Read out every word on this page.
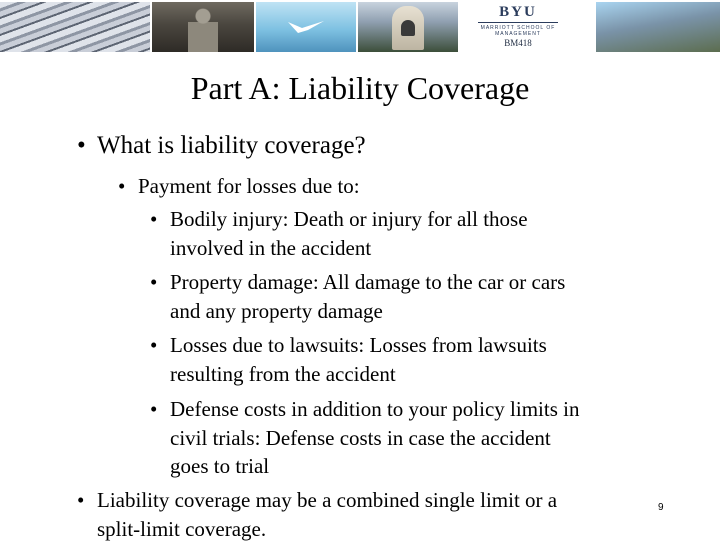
BYU
MARRIOTT SCHOOL OF MANAGEMENT
BM418
Part A: Liability Coverage
• What is liability coverage?
• Payment for losses due to:
• Bodily injury: Death or injury for all those
involved in the accident
• Property damage: All damage to the car or cars
and any property damage
• Losses due to lawsuits: Losses from lawsuits
resulting from the accident
• Defense costs in addition to your policy limits in
civil trials: Defense costs in case the accident
goes to trial
• Liability coverage may be a combined single limit or a
split-limit coverage.
9
